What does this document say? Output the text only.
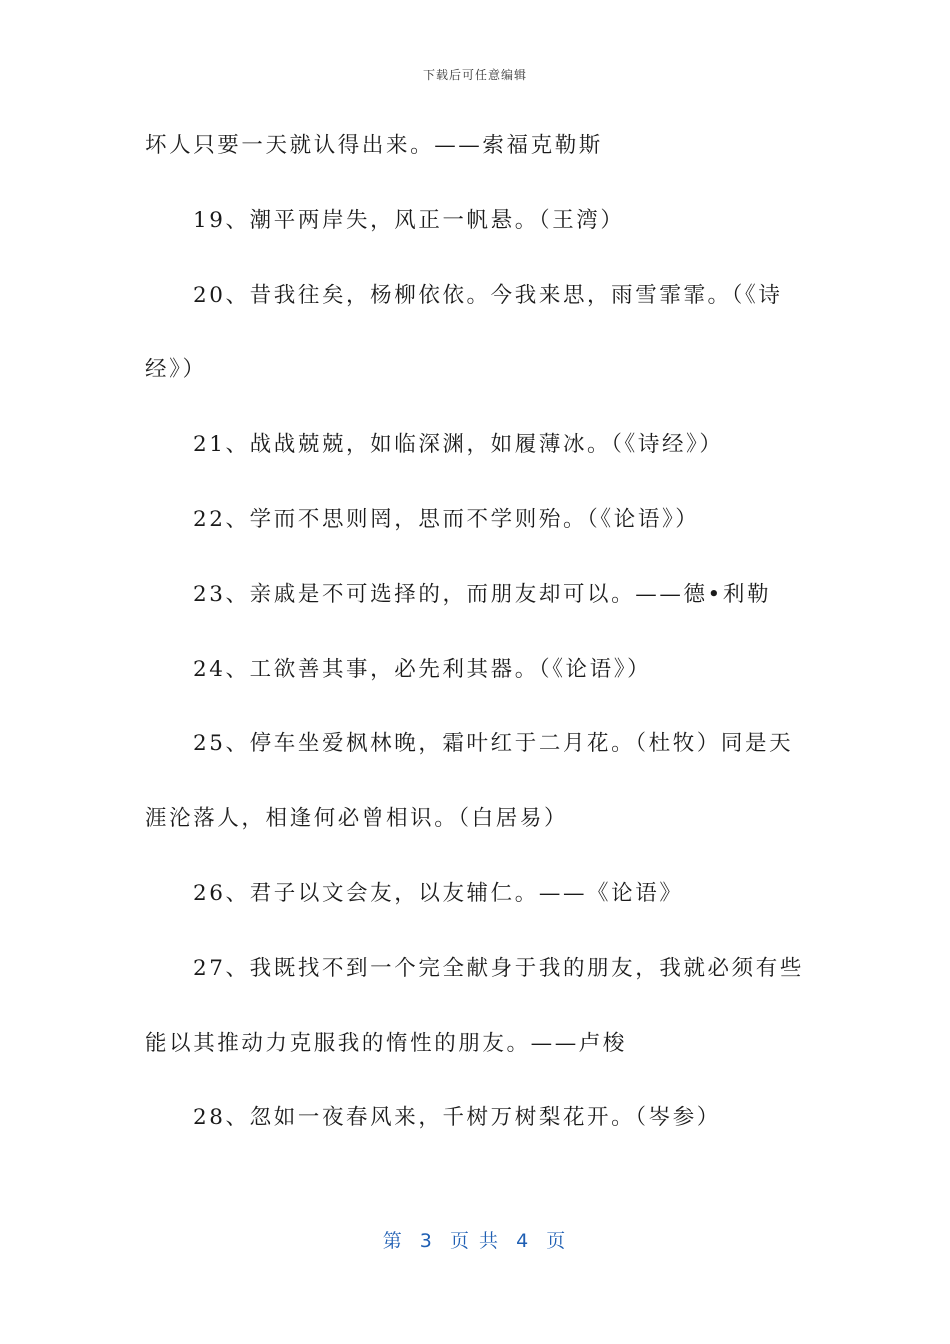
下载后可任意编辑
坏人只要一天就认得出来。——索福克勒斯
19、潮平两岸失，风正一帆悬。（王湾）
20、昔我往矣，杨柳依依。今我来思，雨雪霏霏。（《诗
经》）
21、战战兢兢，如临深渊，如履薄冰。（《诗经》）
22、学而不思则罔，思而不学则殆。（《论语》）
23、亲戚是不可选择的，而朋友却可以。——德•利勒
24、工欲善其事，必先利其器。（《论语》）
25、停车坐爱枫林晚，霜叶红于二月花。（杜牧）同是天
涯沦落人，相逢何必曾相识。（白居易）
26、君子以文会友，以友辅仁。——《论语》
27、我既找不到一个完全献身于我的朋友，我就必须有些
能以其推动力克服我的惰性的朋友。——卢梭
28、忽如一夜春风来，千树万树梨花开。（岑参）
第  3  页 共  4  页
